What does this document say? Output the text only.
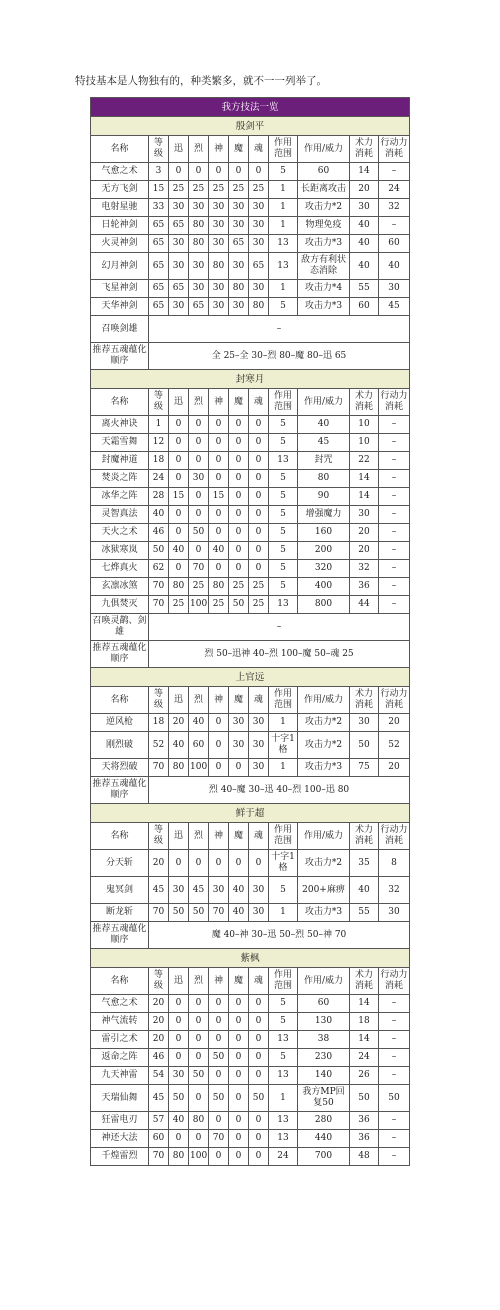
特技基本是人物独有的，种类繁多，就不一一列举了。
我方技法一览										
殷剑平										
名称	等级	迅	烈	神	魔	魂	作用范围	作用/威力	术力消耗	行动力消耗
气愈之术	3	0	0	0	0	0	5	60	14	–
无方飞剑	15	25	25	25	25	25	1	长距离攻击	20	24
电射星驰	33	30	30	30	30	30	1	攻击力*2	30	32
日轮神剑	65	65	80	30	30	30	1	物理免疫	40	–
火灵神剑	65	30	80	30	65	30	13	攻击力*3	40	60
幻月神剑	65	30	30	80	30	65	13	敌方有利状态消除	40	40
飞星神剑	65	65	30	30	80	30	1	攻击力*4	55	30
天华神剑	65	30	65	30	30	80	5	攻击力*3	60	45
召唤剑雄	–									
推荐五魂蕴化顺序	全 25–全 30–烈 80–魔 80–迅 65									
封寒月										
名称	等级	迅	烈	神	魔	魂	作用范围	作用/威力	术力消耗	行动力消耗
离火神诀	1	0	0	0	0	0	5	40	10	–
天霜雪舞	12	0	0	0	0	0	5	45	10	–
封魔神道	18	0	0	0	0	0	13	封咒	22	–
焚炎之阵	24	0	30	0	0	0	5	80	14	–
冰华之阵	28	15	0	15	0	0	5	90	14	–
灵智真法	40	0	0	0	0	0	5	增强魔力	30	–
天火之术	46	0	50	0	0	0	5	160	20	–
冰狱寒岚	50	40	0	40	0	0	5	200	20	–
七烨真火	62	0	70	0	0	0	5	320	32	–
玄凛冰煞	70	80	25	80	25	25	5	400	36	–
九俱焚灭	70	25	100	25	50	25	13	800	44	–
召唤灵鹋、剑雄	–									
推荐五魂蕴化顺序	烈 50–迅神 40–烈 100–魔 50–魂 25									
上官远										
名称	等级	迅	烈	神	魔	魂	作用范围	作用/威力	术力消耗	行动力消耗
逆风枪	18	20	40	0	30	30	1	攻击力*2	30	20
刚烈破	52	40	60	0	30	30	十字1格	攻击力*2	50	52
天将烈破	70	80	100	0	0	30	1	攻击力*3	75	20
推荐五魂蕴化顺序	烈 40–魔 30–迅 40–烈 100–迅 80									
鲜于超										
名称	等级	迅	烈	神	魔	魂	作用范围	作用/威力	术力消耗	行动力消耗
分天斩	20	0	0	0	0	0	十字1格	攻击力*2	35	8
鬼冥剑	45	30	45	30	40	30	5	200+麻痹	40	32
断龙斩	70	50	50	70	40	30	1	攻击力*3	55	30
推荐五魂蕴化顺序	魔 40–神 30–迅 50–烈 50–神 70									
紫枫										
名称	等级	迅	烈	神	魔	魂	作用范围	作用/威力	术力消耗	行动力消耗
气愈之术	20	0	0	0	0	0	5	60	14	–
神气流转	20	0	0	0	0	0	5	130	18	–
雷引之术	20	0	0	0	0	0	13	38	14	–
返命之阵	46	0	0	50	0	0	5	230	24	–
九天神雷	54	30	50	0	0	0	13	140	26	–
天瑞仙舞	45	50	0	50	0	50	1	我方MP回复50	50	50
狂雷电刃	57	40	80	0	0	0	13	280	36	–
神还大法	60	0	0	70	0	0	13	440	36	–
千煌雷烈	70	80	100	0	0	0	24	700	48	–
